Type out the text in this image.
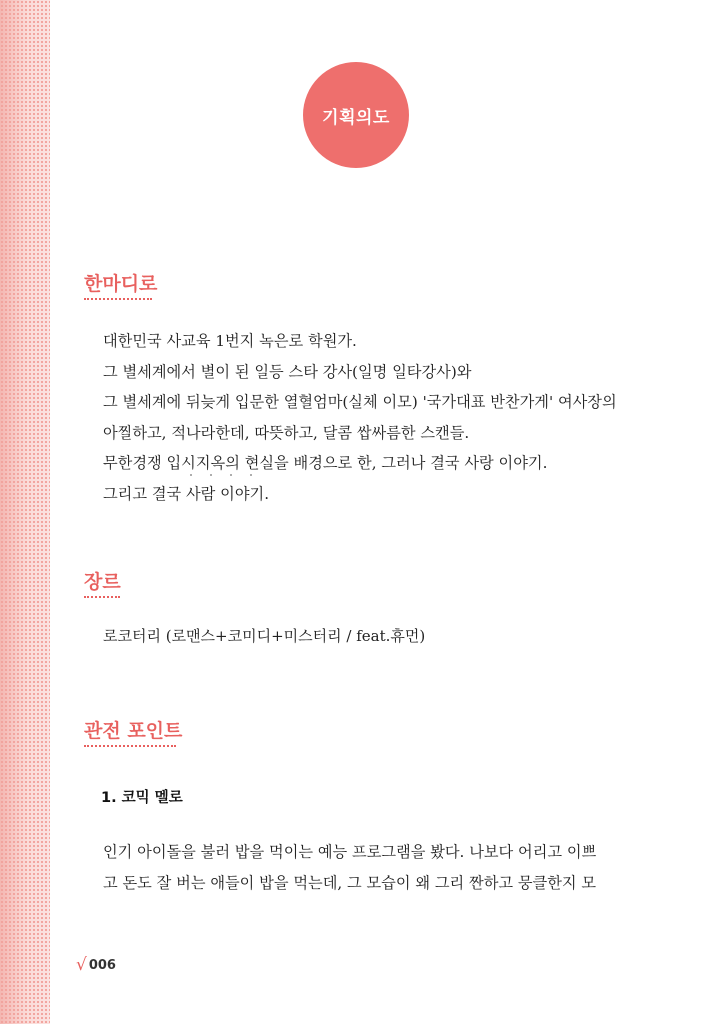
기획의도
한마디로
대한민국 사교육 1번지 녹은로 학원가.
그 별세계에서 별이 된 일등 스타 강사(일명 일타강사)와
그 별세계에 뒤늦게 입문한 열혈엄마(실체 이모) '국가대표 반찬가게' 여사장의
아찔하고, 적나라한데, 따뜻하고, 달콤 쌉싸름한 스캔들.
무한경쟁 입시지옥의 현실을 배경으로 한, 그러나 결국 사랑 이야기.
그리고 결국 사람 이야기.
장르
로코터리 (로맨스+코미디+미스터리 / feat.휴먼)
관전 포인트
1. 코믹 멜로
인기 아이돌을 불러 밥을 먹이는 예능 프로그램을 봤다. 나보다 어리고 이쁘
고 돈도 잘 버는 애들이 밥을 먹는데, 그 모습이 왜 그리 짠하고 뭉클한지 모
√ 006
